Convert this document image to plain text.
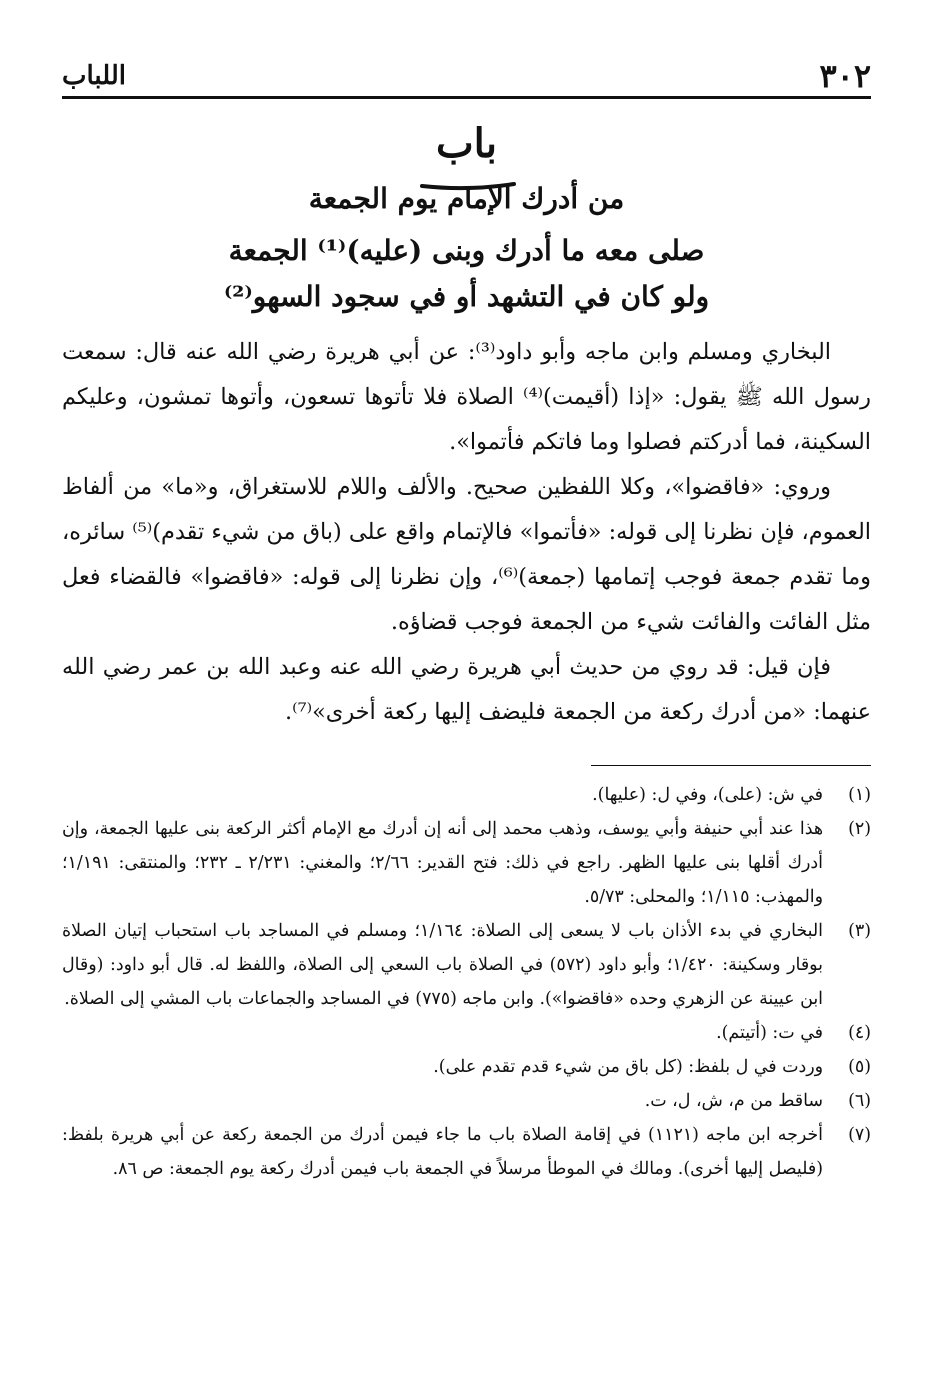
٣٠٢
اللباب
باب
من أدرك الإمام يوم الجمعة
صلى معه ما أدرك وبنى (عليه)⁽¹⁾ الجمعة
ولو كان في التشهد أو في سجود السهو⁽²⁾

البخاري ومسلم وابن ماجه وأبو داود⁽³⁾: عن أبي هريرة رضي الله عنه قال: سمعت رسول الله ﷺ يقول: «إذا (أقيمت)⁽⁴⁾ الصلاة فلا تأتوها تسعون، وأتوها تمشون، وعليكم السكينة، فما أدركتم فصلوا وما فاتكم فأتموا».

وروي: «فاقضوا»، وكلا اللفظين صحيح. والألف واللام للاستغراق، و«ما» من ألفاظ العموم، فإن نظرنا إلى قوله: «فأتموا» فالإتمام واقع على (باق من شيء تقدم)⁽⁵⁾ سائره، وما تقدم جمعة فوجب إتمامها (جمعة)⁽⁶⁾، وإن نظرنا إلى قوله: «فاقضوا» فالقضاء فعل مثل الفائت والفائت شيء من الجمعة فوجب قضاؤه.

فإن قيل: قد روي من حديث أبي هريرة رضي الله عنه وعبد الله بن عمر رضي الله عنهما: «من أدرك ركعة من الجمعة فليضف إليها ركعة أخرى»⁽⁷⁾.

(١)
في ش: (على)، وفي ل: (عليها).
(٢)
هذا عند أبي حنيفة وأبي يوسف، وذهب محمد إلى أنه إن أدرك مع الإمام أكثر الركعة بنى عليها الجمعة، وإن أدرك أقلها بنى عليها الظهر. راجع في ذلك: فتح القدير: ٢/٦٦؛ والمغني: ٢/٢٣١ ـ ٢٣٢؛ والمنتقى: ١/١٩١؛ والمهذب: ١/١١٥؛ والمحلى: ٥/٧٣.
(٣)
البخاري في بدء الأذان باب لا يسعى إلى الصلاة: ١/١٦٤؛ ومسلم في المساجد باب استحباب إتيان الصلاة بوقار وسكينة: ١/٤٢٠؛ وأبو داود (٥٧٢) في الصلاة باب السعي إلى الصلاة، واللفظ له. قال أبو داود: (وقال ابن عيينة عن الزهري وحده «فاقضوا»). وابن ماجه (٧٧٥) في المساجد والجماعات باب المشي إلى الصلاة.
(٤)
في ت: (أتيتم).
(٥)
وردت في ل بلفظ: (كل باق من شيء قدم تقدم على).
(٦)
ساقط من م، ش، ل، ت.
(٧)
أخرجه ابن ماجه (١١٢١) في إقامة الصلاة باب ما جاء فيمن أدرك من الجمعة ركعة عن أبي هريرة بلفظ: (فليصل إليها أخرى). ومالك في الموطأ مرسلاً في الجمعة باب فيمن أدرك ركعة يوم الجمعة: ص ٨٦.
